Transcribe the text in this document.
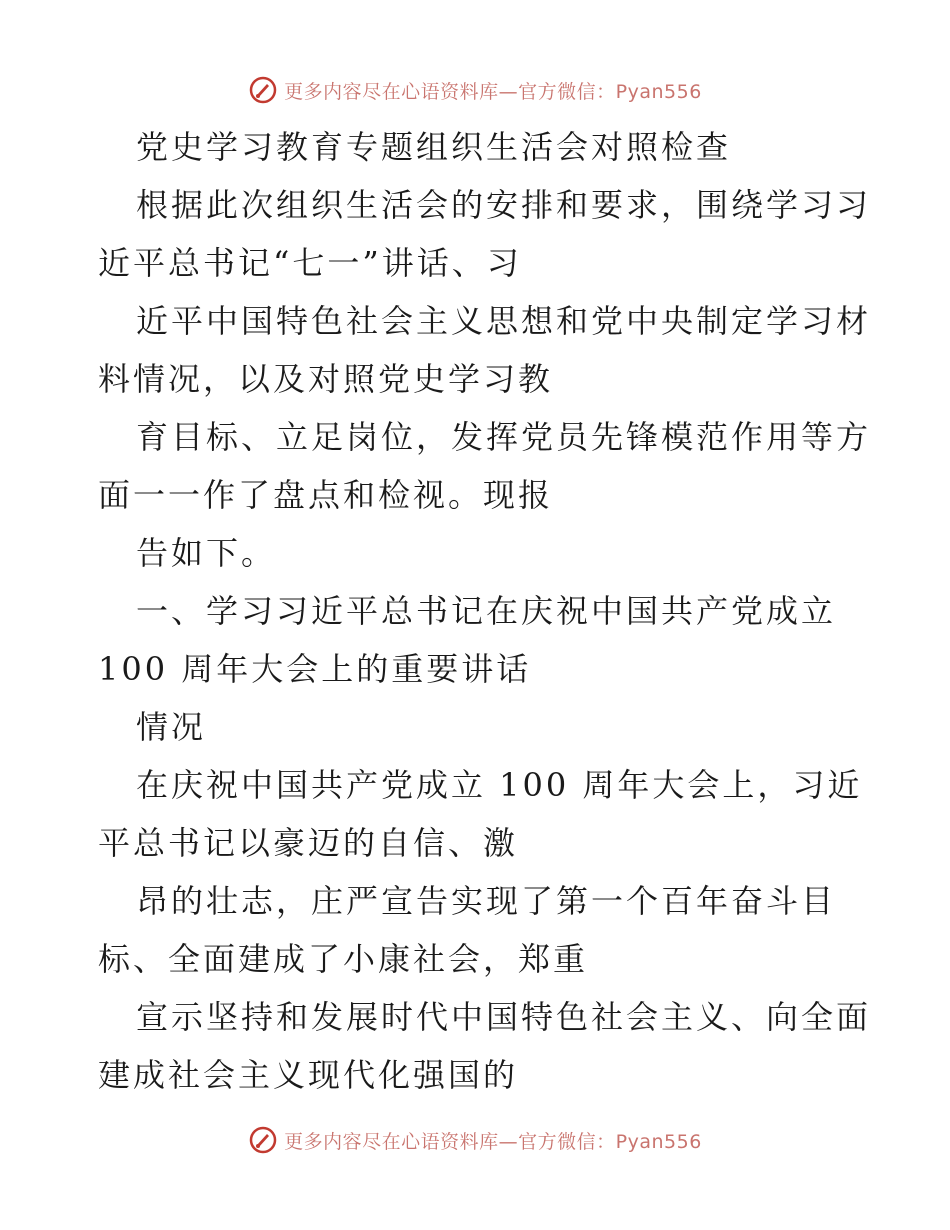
更多内容尽在心语资料库—官方微信：Pyan556
党史学习教育专题组织生活会对照检查
根据此次组织生活会的安排和要求，围绕学习习
近平总书记“七一”讲话、习
近平中国特色社会主义思想和党中央制定学习材
料情况，以及对照党史学习教
育目标、立足岗位，发挥党员先锋模范作用等方
面一一作了盘点和检视。现报
告如下。
一、学习习近平总书记在庆祝中国共产党成立
100 周年大会上的重要讲话
情况
在庆祝中国共产党成立 100 周年大会上，习近
平总书记以豪迈的自信、激
昂的壮志，庄严宣告实现了第一个百年奋斗目
标、全面建成了小康社会，郑重
宣示坚持和发展时代中国特色社会主义、向全面
建成社会主义现代化强国的
更多内容尽在心语资料库—官方微信：Pyan556
